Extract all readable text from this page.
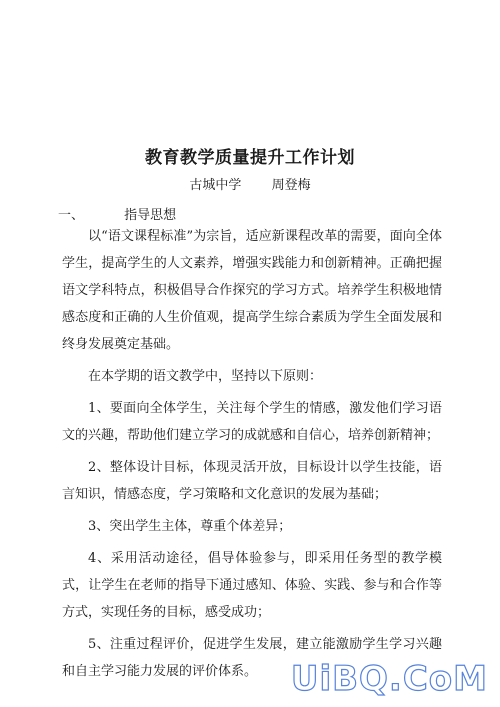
教育教学质量提升工作计划
古城中学 周登梅
一、	指导思想

以“语文课程标准”为宗旨，适应新课程改革的需要，面向全体学生，提高学生的人文素养，增强实践能力和创新精神。正确把握语文学科特点，积极倡导合作探究的学习方式。培养学生积极地情感态度和正确的人生价值观，提高学生综合素质为学生全面发展和终身发展奠定基础。

在本学期的语文教学中，坚持以下原则：

1、要面向全体学生，关注每个学生的情感，激发他们学习语文的兴趣，帮助他们建立学习的成就感和自信心，培养创新精神；

2、整体设计目标，体现灵活开放，目标设计以学生技能，语言知识，情感态度，学习策略和文化意识的发展为基础；

3、突出学生主体，尊重个体差异；

4、采用活动途径，倡导体验参与，即采用任务型的教学模式，让学生在老师的指导下通过感知、体验、实践、参与和合作等方式，实现任务的目标，感受成功；

5、注重过程评价，促进学生发展，建立能激励学生学习兴趣和自主学习能力发展的评价体系。 UiBQ.CoM
